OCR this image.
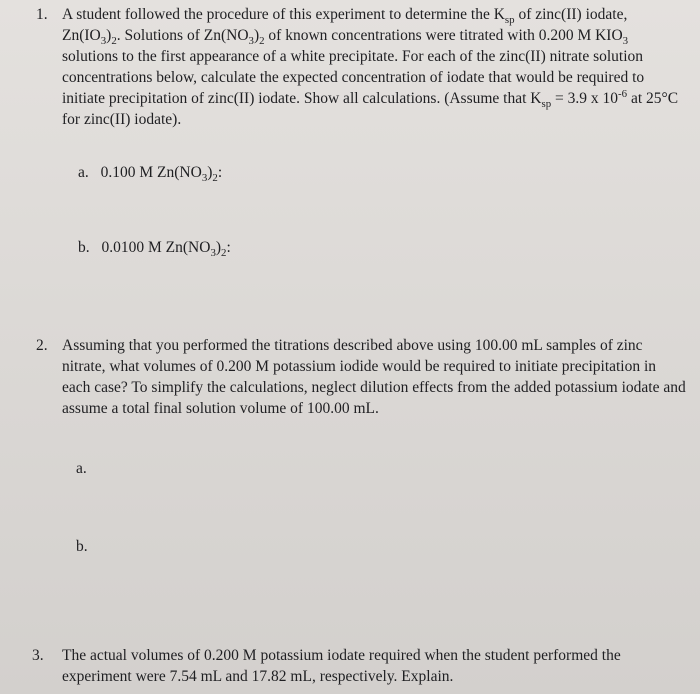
1. A student followed the procedure of this experiment to determine the $K_{sp}$ of zinc(II) iodate,
$Zn(IO_3)_2$. Solutions of $Zn(NO_3)_2$ of known concentrations were titrated with 0.200 M $KIO_3$
solutions to the first appearance of a white precipitate. For each of the zinc(II) nitrate solution
concentrations below, calculate the expected concentration of iodate that would be required to
initiate precipitation of zinc(II) iodate. Show all calculations. (Assume that $K_{sp} = 3.9$ x $10^{-6}$ at 25°C
for zinc(II) iodate).
a. 0.100 M $Zn(NO_3)_2$:
b. 0.0100 M $Zn(NO_3)_2$:
2. Assuming that you performed the titrations described above using 100.00 mL samples of zinc
nitrate, what volumes of 0.200 M potassium iodide would be required to initiate precipitation in
each case? To simplify the calculations, neglect dilution effects from the added potassium iodate and
assume a total final solution volume of 100.00 mL.
a.
b.
3. The actual volumes of 0.200 M potassium iodate required when the student performed the
experiment were 7.54 mL and 17.82 mL, respectively. Explain.
